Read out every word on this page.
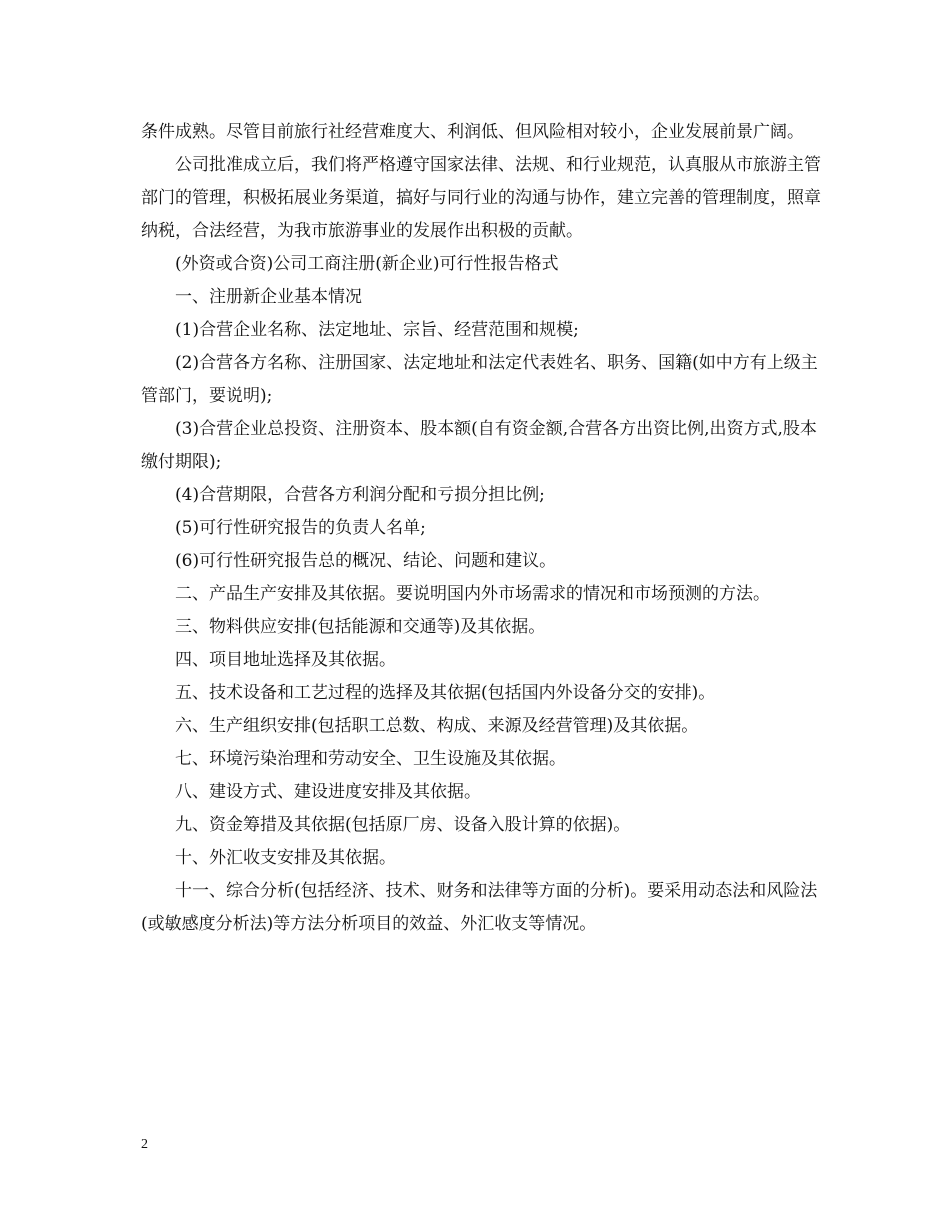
条件成熟。尽管目前旅行社经营难度大、利润低、但风险相对较小，企业发展前景广阔。

公司批准成立后，我们将严格遵守国家法律、法规、和行业规范，认真服从市旅游主管部门的管理，积极拓展业务渠道，搞好与同行业的沟通与协作，建立完善的管理制度，照章纳税，合法经营，为我市旅游事业的发展作出积极的贡献。

(外资或合资)公司工商注册(新企业)可行性报告格式

一、注册新企业基本情况

(1)合营企业名称、法定地址、宗旨、经营范围和规模;

(2)合营各方名称、注册国家、法定地址和法定代表姓名、职务、国籍(如中方有上级主管部门，要说明);

(3)合营企业总投资、注册资本、股本额(自有资金额,合营各方出资比例,出资方式,股本缴付期限);

(4)合营期限，合营各方利润分配和亏损分担比例;

(5)可行性研究报告的负责人名单;

(6)可行性研究报告总的概况、结论、问题和建议。

二、产品生产安排及其依据。要说明国内外市场需求的情况和市场预测的方法。

三、物料供应安排(包括能源和交通等)及其依据。

四、项目地址选择及其依据。

五、技术设备和工艺过程的选择及其依据(包括国内外设备分交的安排)。

六、生产组织安排(包括职工总数、构成、来源及经营管理)及其依据。

七、环境污染治理和劳动安全、卫生设施及其依据。

八、建设方式、建设进度安排及其依据。

九、资金筹措及其依据(包括原厂房、设备入股计算的依据)。

十、外汇收支安排及其依据。

十一、综合分析(包括经济、技术、财务和法律等方面的分析)。要采用动态法和风险法(或敏感度分析法)等方法分析项目的效益、外汇收支等情况。

2
